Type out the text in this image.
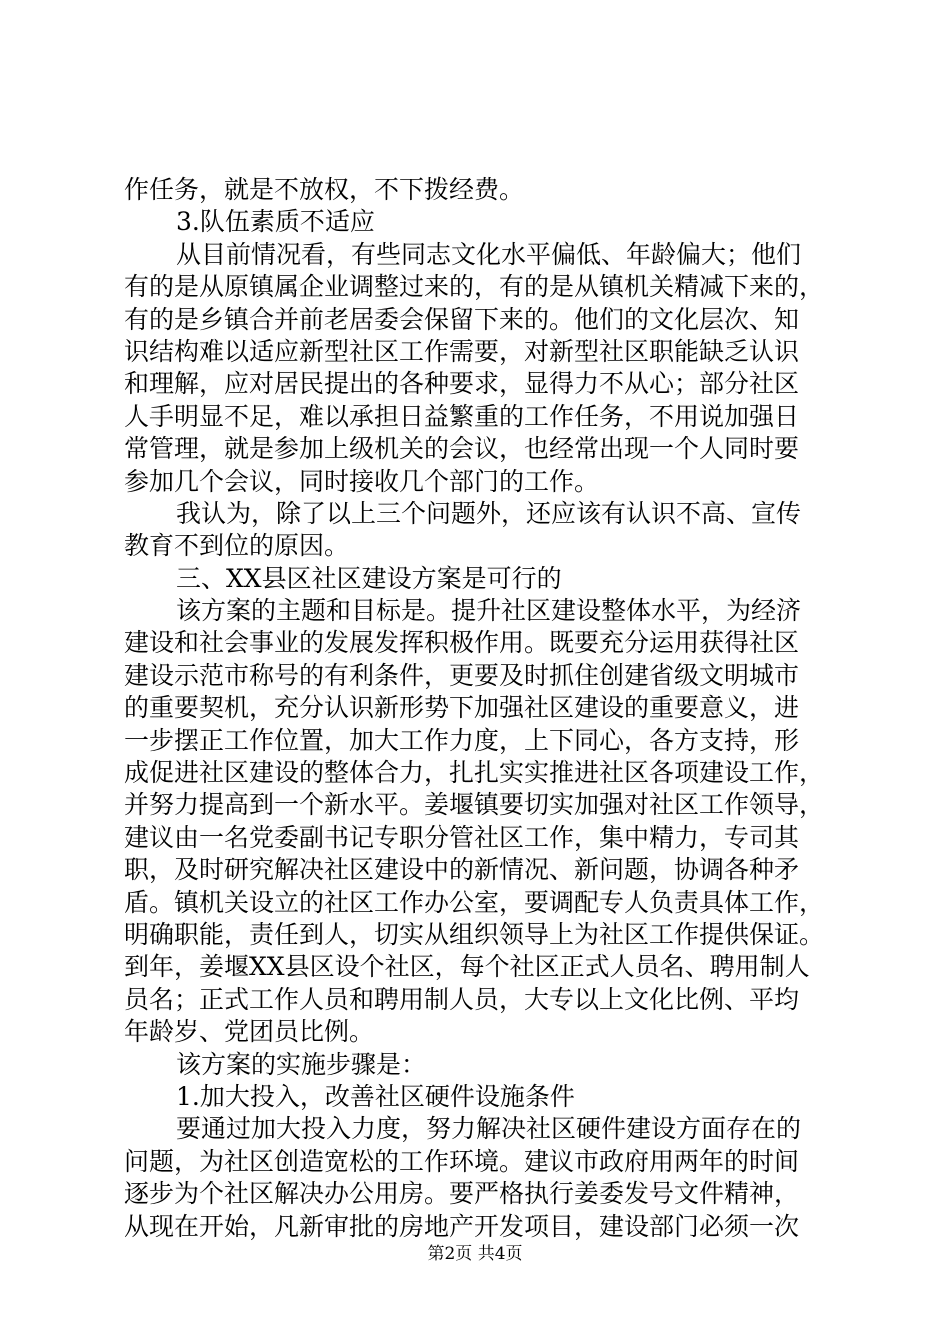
作任务，就是不放权，不下拨经费。
3.队伍素质不适应
从目前情况看，有些同志文化水平偏低、年龄偏大；他们
有的是从原镇属企业调整过来的，有的是从镇机关精减下来的，
有的是乡镇合并前老居委会保留下来的。他们的文化层次、知
识结构难以适应新型社区工作需要，对新型社区职能缺乏认识
和理解，应对居民提出的各种要求，显得力不从心；部分社区
人手明显不足，难以承担日益繁重的工作任务，不用说加强日
常管理，就是参加上级机关的会议，也经常出现一个人同时要
参加几个会议，同时接收几个部门的工作。
我认为，除了以上三个问题外，还应该有认识不高、宣传
教育不到位的原因。
三、XX县区社区建设方案是可行的
该方案的主题和目标是。提升社区建设整体水平，为经济
建设和社会事业的发展发挥积极作用。既要充分运用获得社区
建设示范市称号的有利条件，更要及时抓住创建省级文明城市
的重要契机，充分认识新形势下加强社区建设的重要意义，进
一步摆正工作位置，加大工作力度，上下同心，各方支持，形
成促进社区建设的整体合力，扎扎实实推进社区各项建设工作，
并努力提高到一个新水平。姜堰镇要切实加强对社区工作领导，
建议由一名党委副书记专职分管社区工作，集中精力，专司其
职，及时研究解决社区建设中的新情况、新问题，协调各种矛
盾。镇机关设立的社区工作办公室，要调配专人负责具体工作，
明确职能，责任到人，切实从组织领导上为社区工作提供保证。
到年，姜堰XX县区设个社区，每个社区正式人员名、聘用制人
员名；正式工作人员和聘用制人员，大专以上文化比例、平均
年龄岁、党团员比例。
该方案的实施步骤是：
1.加大投入，改善社区硬件设施条件
要通过加大投入力度，努力解决社区硬件建设方面存在的
问题，为社区创造宽松的工作环境。建议市政府用两年的时间
逐步为个社区解决办公用房。要严格执行姜委发号文件精神，
从现在开始，凡新审批的房地产开发项目，建设部门必须一次
第2页 共4页
